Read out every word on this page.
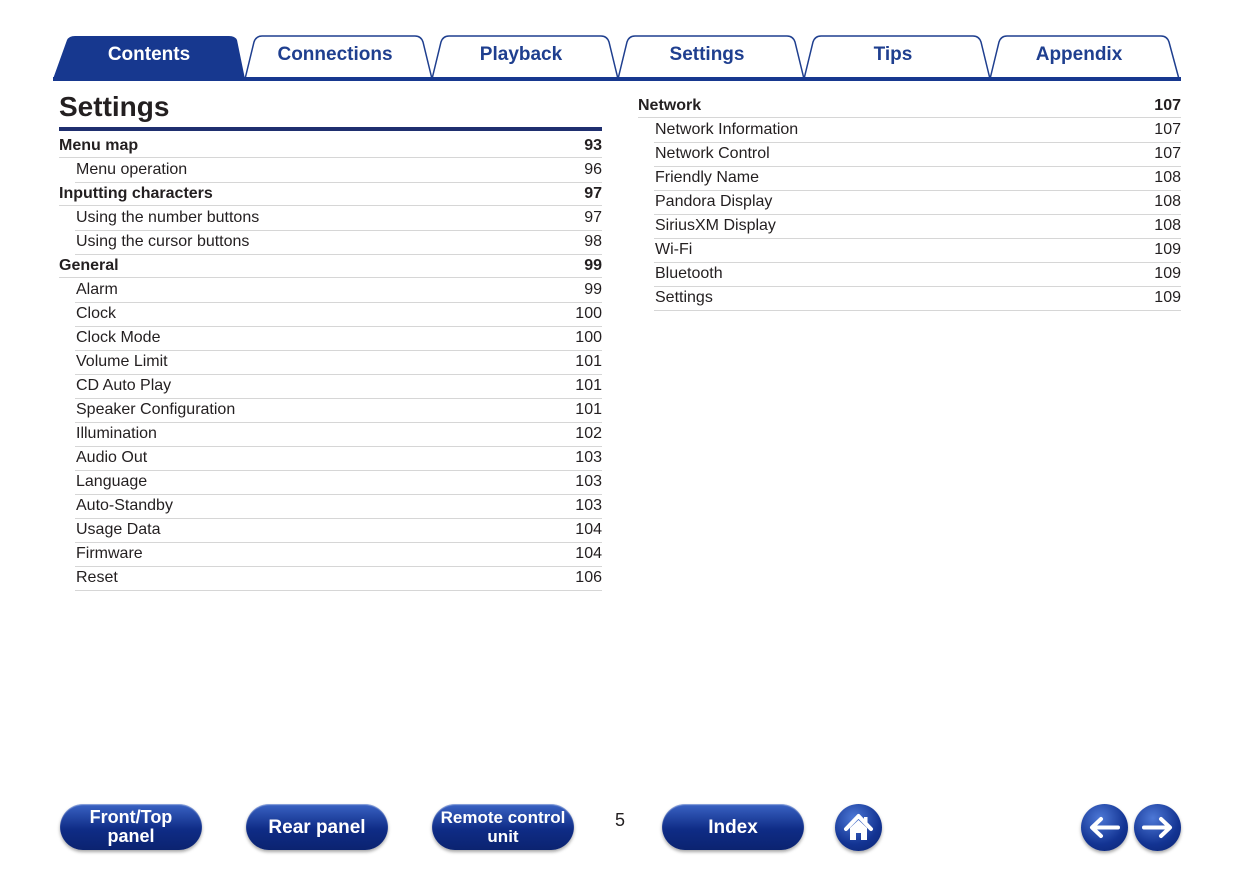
Contents	Connections	Playback	Settings	Tips	Appendix
Settings
Menu map	93
Menu operation	96
Inputting characters	97
Using the number buttons	97
Using the cursor buttons	98
General	99
Alarm	99
Clock	100
Clock Mode	100
Volume Limit	101
CD Auto Play	101
Speaker Configuration	101
Illumination	102
Audio Out	103
Language	103
Auto-Standby	103
Usage Data	104
Firmware	104
Reset	106
Network	107
Network Information	107
Network Control	107
Friendly Name	108
Pandora Display	108
SiriusXM Display	108
Wi-Fi	109
Bluetooth	109
Settings	109
Front/Top
panel	Rear panel	Remote control
unit
5	Index
